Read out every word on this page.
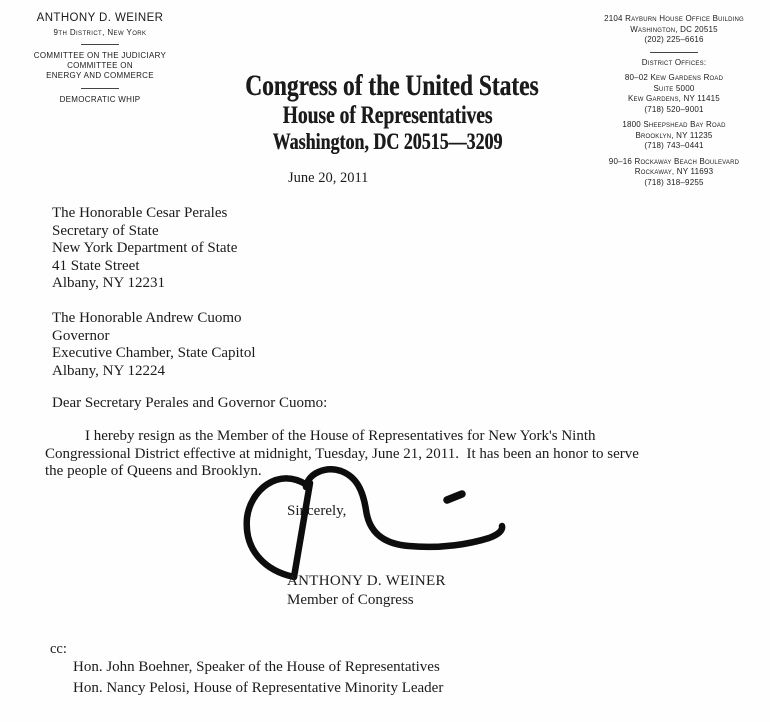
ANTHONY D. WEINER
9th District, New York
COMMITTEE ON THE JUDICIARY
COMMITTEE ON
ENERGY AND COMMERCE
DEMOCRATIC WHIP	Congress of the United States
House of Representatives
Washington, DC 20515—3209
2104 Rayburn House Office Building
Washington, DC 20515
(202) 225–6616
District Offices:
80–02 Kew Gardens Road
Suite 5000
Kew Gardens, NY 11415
(718) 520–9001
1800 Sheepshead Bay Road
Brooklyn, NY 11235
(718) 743–0441
90–16 Rockaway Beach Boulevard
Rockaway, NY 11693
(718) 318–9255
June 20, 2011
The Honorable Cesar Perales
Secretary of State
New York Department of State
41 State Street
Albany, NY 12231
The Honorable Andrew Cuomo
Governor
Executive Chamber, State Capitol
Albany, NY 12224
Dear Secretary Perales and Governor Cuomo:
I hereby resign as the Member of the House of Representatives for New York's Ninth
Congressional District effective at midnight, Tuesday, June 21, 2011.  It has been an honor to serve
the people of Queens and Brooklyn.
Sincerely,
ANTHONY D. WEINER
Member of Congress
cc:
Hon. John Boehner, Speaker of the House of Representatives
Hon. Nancy Pelosi, House of Representative Minority Leader
